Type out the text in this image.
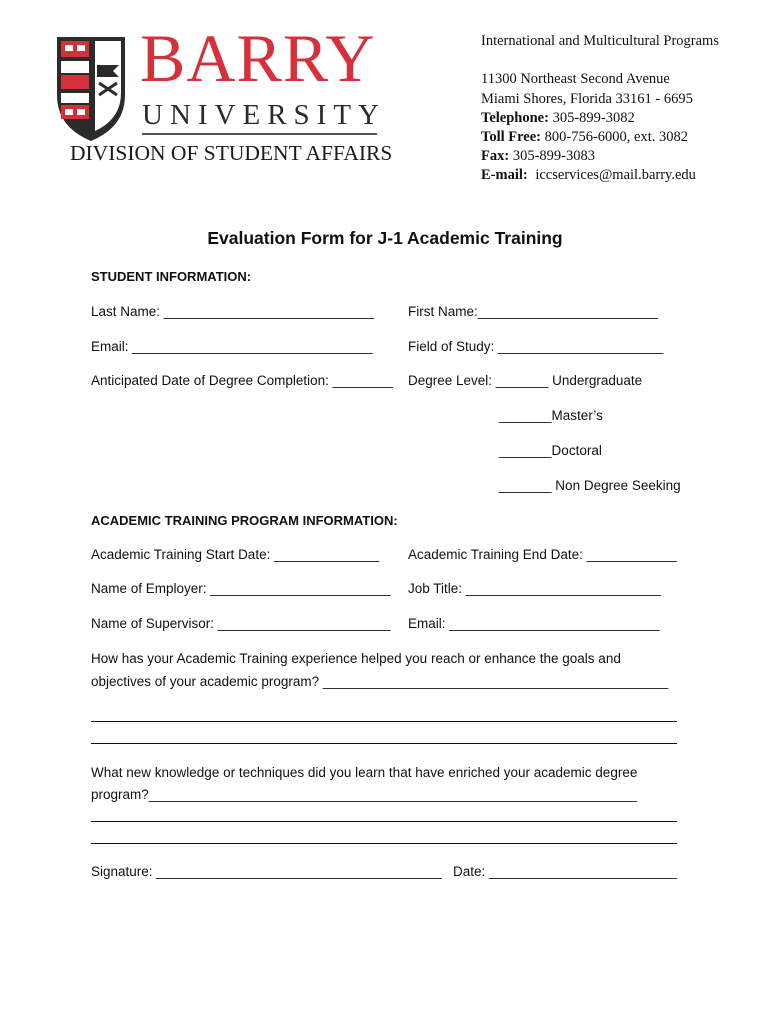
BARRY
UNIVERSITY
DIVISION OF STUDENT AFFAIRS
International and Multicultural Programs
11300 Northeast Second Avenue
Miami Shores, Florida 33161 - 6695
Telephone: 305-899-3082
Toll Free: 800-756-6000, ext. 3082
Fax: 305-899-3083
E-mail: iccservices@mail.barry.edu
Evaluation Form for J-1 Academic Training
STUDENT INFORMATION:
Last Name: ____________________________	First Name:________________________
Email: ________________________________	Field of Study: ______________________
Anticipated Date of Degree Completion: ________ Degree Level: _______ Undergraduate
_______Master’s
_______Doctoral
_______ Non Degree Seeking
ACADEMIC TRAINING PROGRAM INFORMATION:
Academic Training Start Date: ______________ Academic Training End Date: ____________
Name of Employer: ________________________ Job Title: __________________________
Name of Supervisor: _______________________ Email: ____________________________
How has your Academic Training experience helped you reach or enhance the goals and
objectives of your academic program? ______________________________________________
What new knowledge or techniques did you learn that have enriched your academic degree
program?_________________________________________________________________
Signature: ______________________________________ Date: _________________________
